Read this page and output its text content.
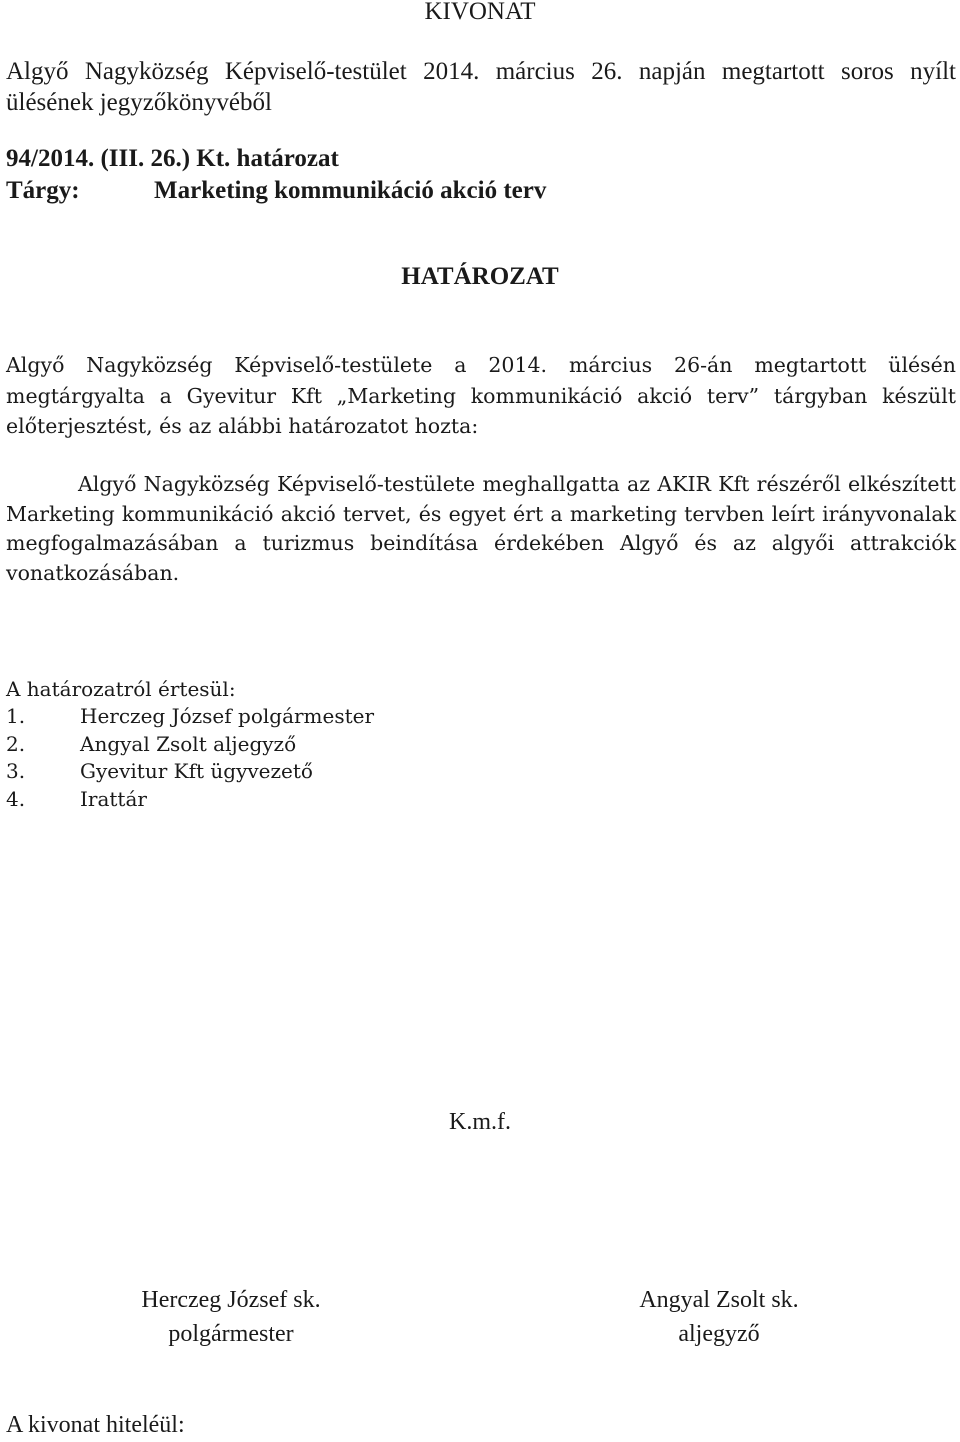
KIVONAT

Algyő Nagyközség Képviselő-testület 2014. március 26. napján megtartott soros nyílt ülésének jegyzőkönyvéből

94/2014. (III. 26.) Kt. határozat

Tárgy:	Marketing kommunikáció akció terv

HATÁROZAT

Algyő Nagyközség Képviselő-testülete a 2014. március 26-án megtartott ülésén megtárgyalta a Gyevitur Kft „Marketing kommunikáció akció terv” tárgyban készült előterjesztést, és az alábbi határozatot hozta:

Algyő Nagyközség Képviselő-testülete meghallgatta az AKIR Kft részéről elkészített Marketing kommunikáció akció tervet, és egyet ért a marketing tervben leírt irányvonalak megfogalmazásában a turizmus beindítása érdekében Algyő és az algyői attrakciók vonatkozásában.

A határozatról értesül:

1.	Herczeg József polgármester
2.	Angyal Zsolt aljegyző
3.	Gyevitur Kft ügyvezető
4.	Irattár

K.m.f.

Herczeg József sk.
polgármester
Angyal Zsolt sk.
aljegyző

A kivonat hiteléül:
